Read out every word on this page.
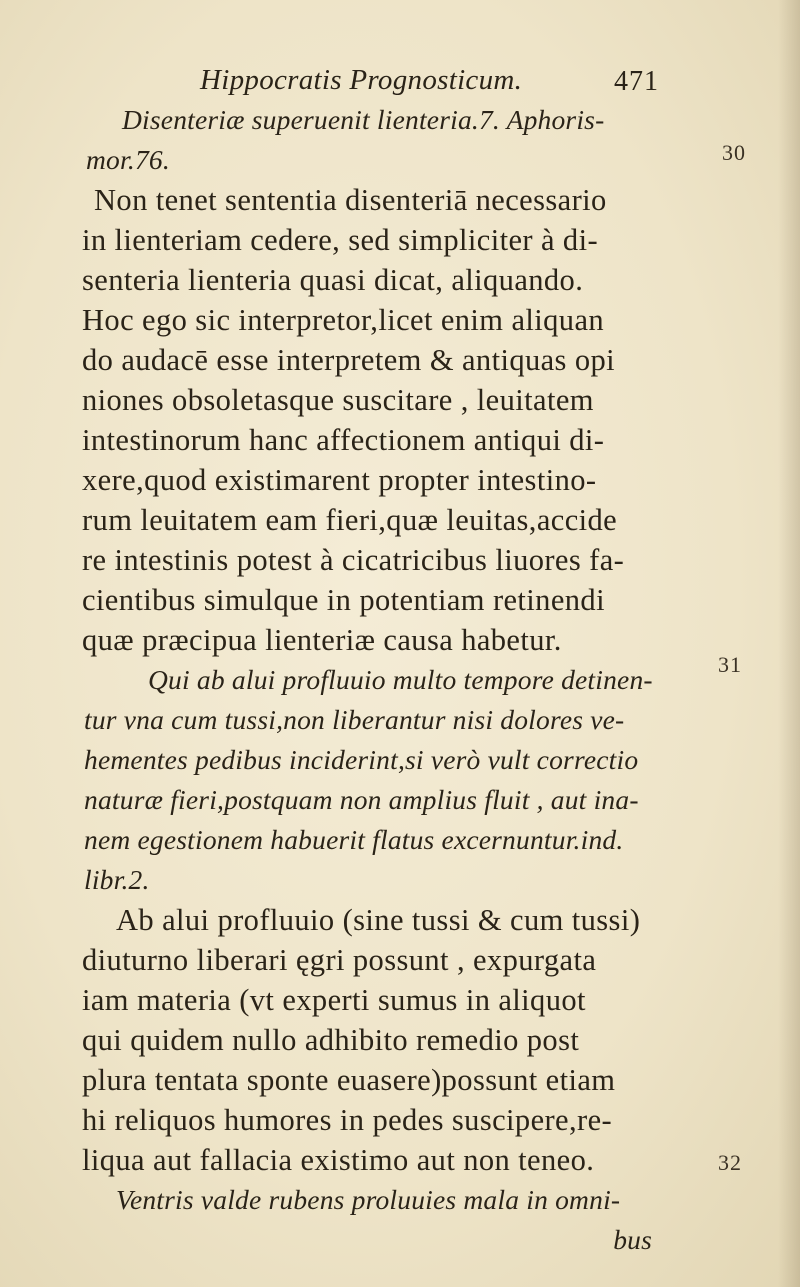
Hippocratis Prognosticum.	471
30
31
32
Disenteriæ superuenit lienteria.7. Aphoris-
mor.76.
Non tenet sententia disenteriā necessario
in lienteriam cedere, sed simpliciter à di-
senteria lienteria quasi dicat, aliquando.
Hoc ego sic interpretor,licet enim aliquan
do audacē esse interpretem & antiquas opi
niones obsoletasque suscitare , leuitatem
intestinorum hanc affectionem antiqui di-
xere,quod existimarent propter intestino-
rum leuitatem eam fieri,quæ leuitas,accide
re intestinis potest à cicatricibus liuores fa-
cientibus simulque in potentiam retinendi
quæ præcipua lienteriæ causa habetur.
Qui ab alui profluuio multo tempore detinen-
tur vna cum tussi,non liberantur nisi dolores ve-
hementes pedibus inciderint,si verò vult correctio
naturæ fieri,postquam non amplius fluit , aut ina-
nem egestionem habuerit flatus excernuntur.ind.
libr.2.
Ab alui profluuio (sine tussi & cum tussi)
diuturno liberari ęgri possunt , expurgata
iam materia (vt experti sumus in aliquot
qui quidem nullo adhibito remedio post
plura tentata sponte euasere)possunt etiam
hi reliquos humores in pedes suscipere,re-
liqua aut fallacia existimo aut non teneo.
Ventris valde rubens proluuies mala in omni-
bus
